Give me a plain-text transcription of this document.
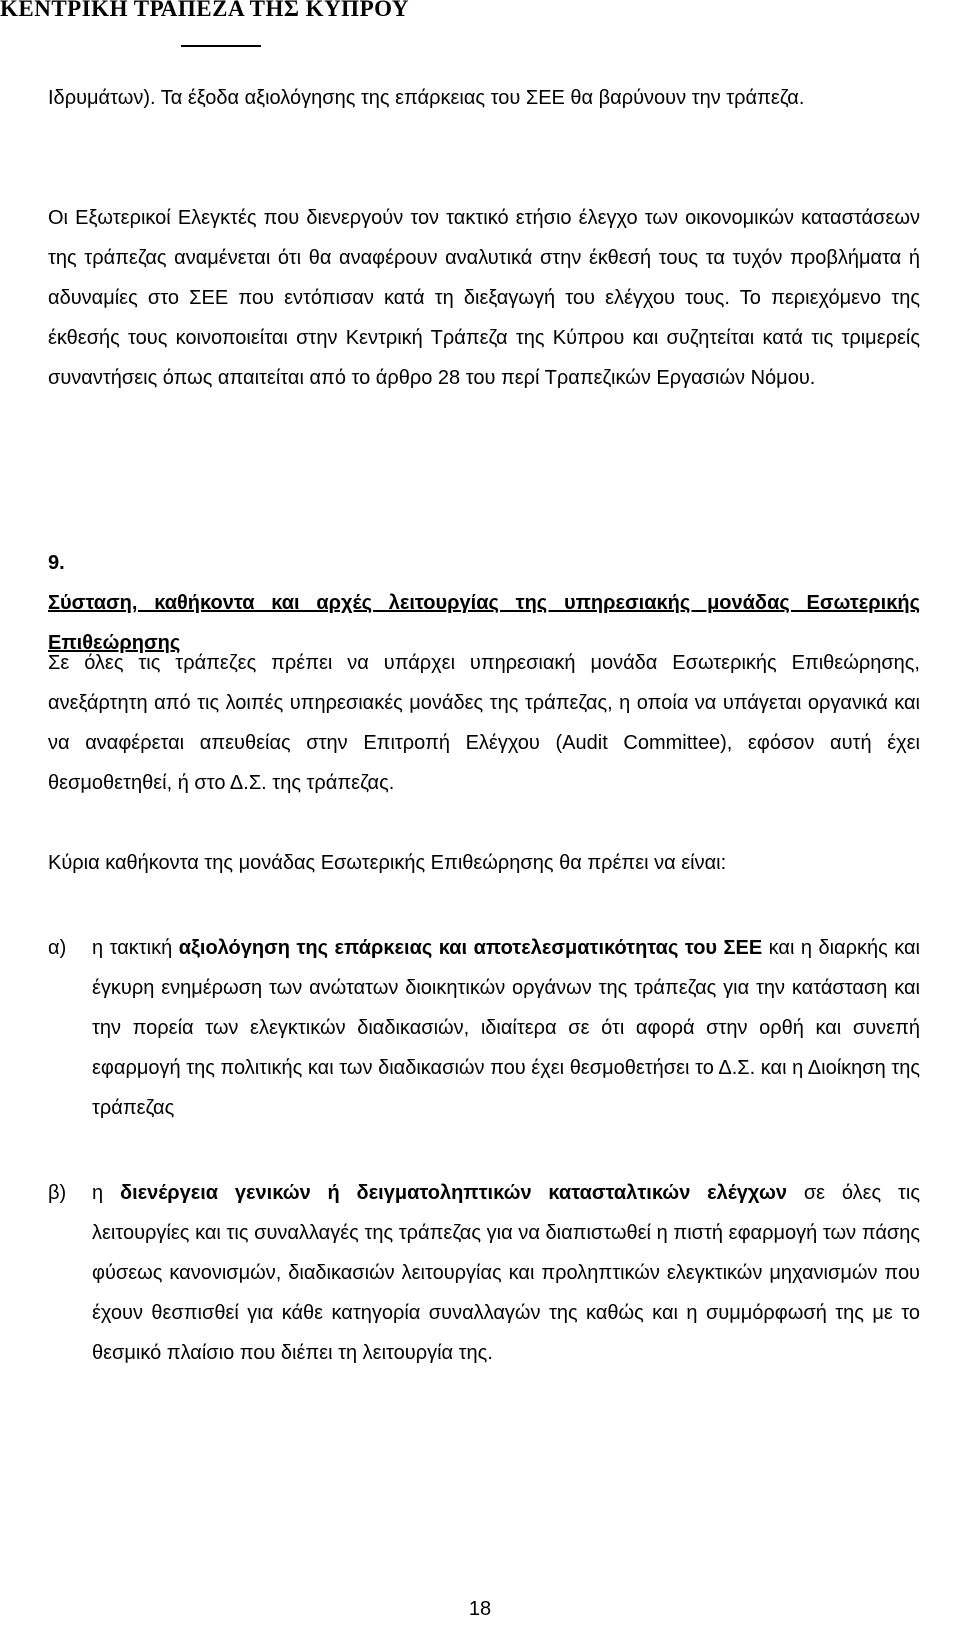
ΚΕΝΤΡΙΚΗ ΤΡΑΠΕΖΑ ΤΗΣ ΚΥΠΡΟΥ

Ιδρυμάτων). Τα έξοδα αξιολόγησης της επάρκειας του ΣΕΕ θα βαρύνουν την τράπεζα.

Οι Εξωτερικοί Ελεγκτές που διενεργούν τον τακτικό ετήσιο έλεγχο των οικονομικών καταστάσεων της τράπεζας αναμένεται ότι θα αναφέρουν αναλυτικά στην έκθεσή τους τα τυχόν προβλήματα ή αδυναμίες στο ΣΕΕ που εντόπισαν κατά τη διεξαγωγή του ελέγχου τους. Το περιεχόμενο της έκθεσής τους κοινοποιείται στην Κεντρική Τράπεζα της Κύπρου και συζητείται κατά τις τριμερείς συναντήσεις όπως απαιτείται από το άρθρο 28 του περί Τραπεζικών Εργασιών Νόμου.

9.
Σύσταση, καθήκοντα και αρχές λειτουργίας της υπηρεσιακής μονάδας Εσωτερικής Επιθεώρησης

Σε όλες τις τράπεζες πρέπει να υπάρχει υπηρεσιακή μονάδα Εσωτερικής Επιθεώρησης, ανεξάρτητη από τις λοιπές υπηρεσιακές μονάδες της τράπεζας, η οποία να υπάγεται οργανικά και να αναφέρεται απευθείας στην Επιτροπή Ελέγχου (Audit Committee), εφόσον αυτή έχει θεσμοθετηθεί, ή στο Δ.Σ. της τράπεζας.

Κύρια καθήκοντα της μονάδας Εσωτερικής Επιθεώρησης θα πρέπει να είναι:

α) η τακτική αξιολόγηση της επάρκειας και αποτελεσματικότητας του ΣΕΕ και η διαρκής και έγκυρη ενημέρωση των ανώτατων διοικητικών οργάνων της τράπεζας για την κατάσταση και την πορεία των ελεγκτικών διαδικασιών, ιδιαίτερα σε ότι αφορά στην ορθή και συνεπή εφαρμογή της πολιτικής και των διαδικασιών που έχει θεσμοθετήσει το Δ.Σ. και η Διοίκηση της τράπεζας
β) η διενέργεια γενικών ή δειγματοληπτικών κατασταλτικών ελέγχων σε όλες τις λειτουργίες και τις συναλλαγές της τράπεζας για να διαπιστωθεί η πιστή εφαρμογή των πάσης φύσεως κανονισμών, διαδικασιών λειτουργίας και προληπτικών ελεγκτικών μηχανισμών που έχουν θεσπισθεί για κάθε κατηγορία συναλλαγών της καθώς και η συμμόρφωσή της με το θεσμικό πλαίσιο που διέπει τη λειτουργία της.
18
